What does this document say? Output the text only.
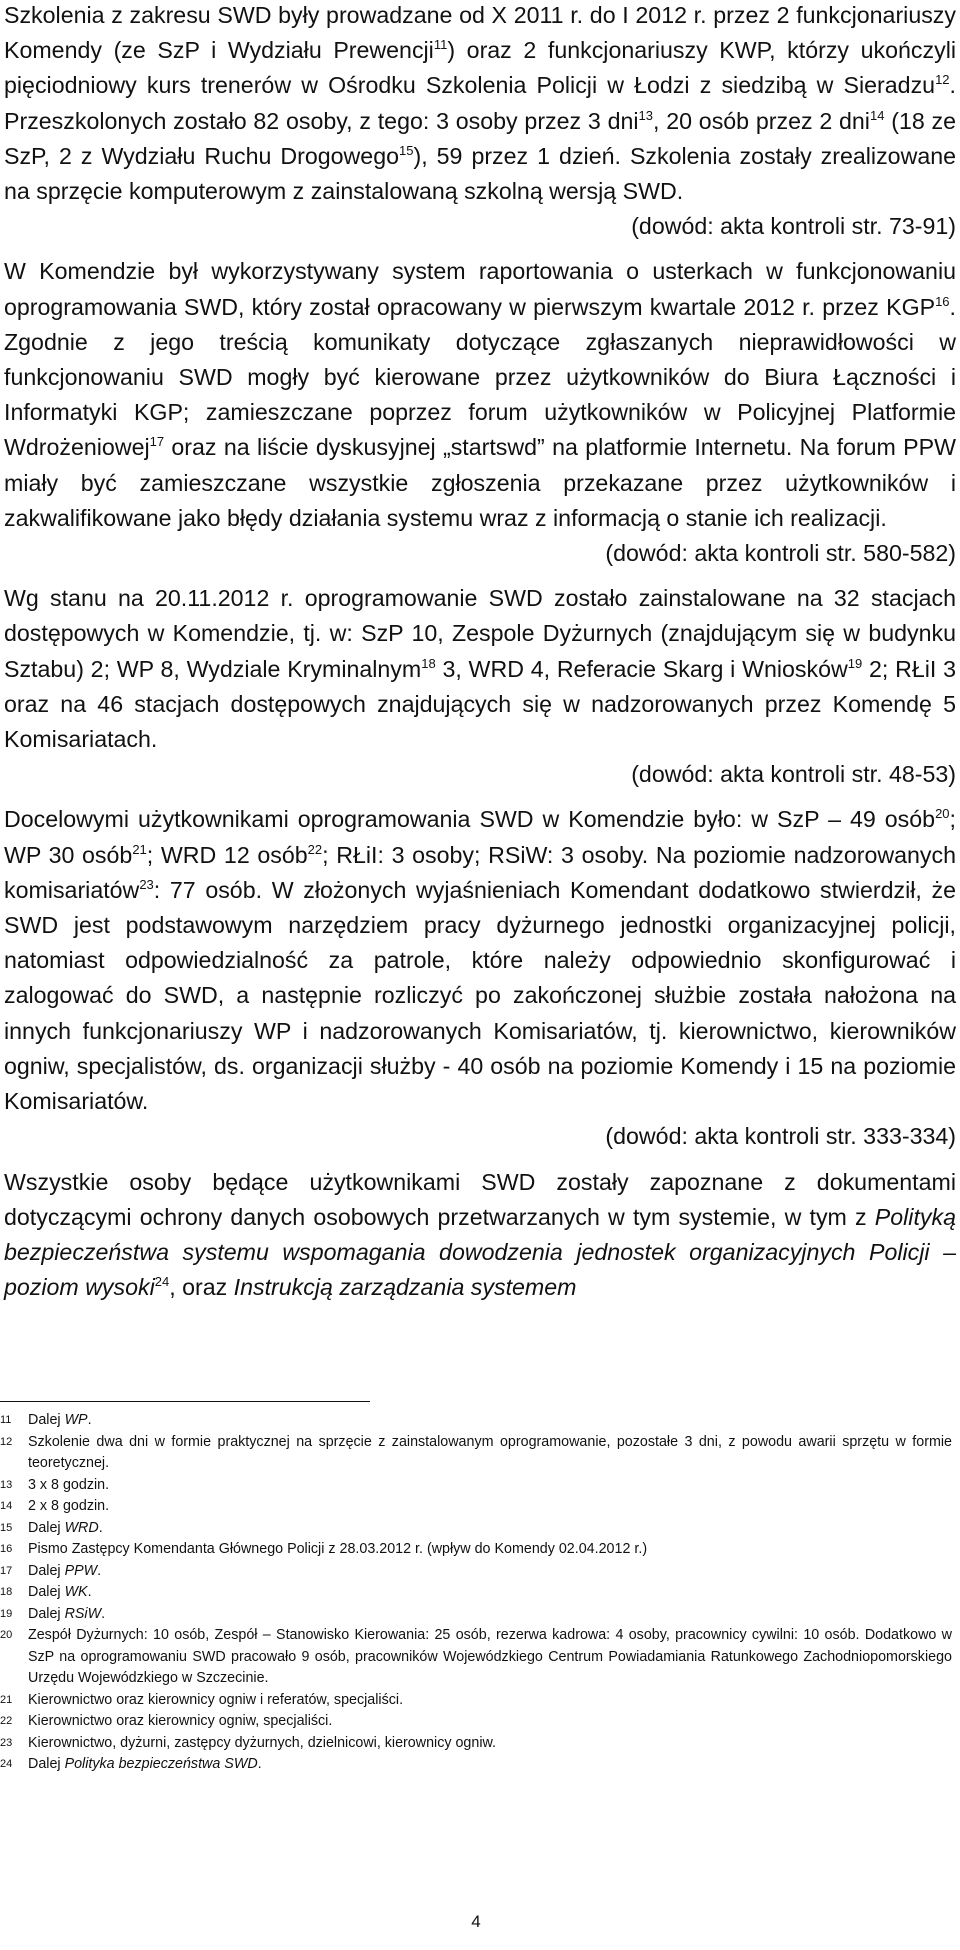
Szkolenia z zakresu SWD były prowadzane od X 2011 r. do I 2012 r. przez 2 funkcjonariuszy Komendy (ze SzP i Wydziału Prewencji$^{11}$) oraz 2 funkcjonariuszy KWP, którzy ukończyli pięciodniowy kurs trenerów w Ośrodku Szkolenia Policji w Łodzi z siedzibą w Sieradzu$^{12}$. Przeszkolonych zostało 82 osoby, z tego: 3 osoby przez 3 dni$^{13}$, 20 osób przez 2 dni$^{14}$ (18 ze SzP, 2 z Wydziału Ruchu Drogowego$^{15}$), 59 przez 1 dzień. Szkolenia zostały zrealizowane na sprzęcie komputerowym z zainstalowaną szkolną wersją SWD.

(dowód: akta kontroli str. 73-91)

W Komendzie był wykorzystywany system raportowania o usterkach w funkcjonowaniu oprogramowania SWD, który został opracowany w pierwszym kwartale 2012 r. przez KGP$^{16}$. Zgodnie z jego treścią komunikaty dotyczące zgłaszanych nieprawidłowości w funkcjonowaniu SWD mogły być kierowane przez użytkowników do Biura Łączności i Informatyki KGP; zamieszczane poprzez forum użytkowników w Policyjnej Platformie Wdrożeniowej$^{17}$ oraz na liście dyskusyjnej „startswd” na platformie Internetu. Na forum PPW miały być zamieszczane wszystkie zgłoszenia przekazane przez użytkowników i zakwalifikowane jako błędy działania systemu wraz z informacją o stanie ich realizacji.

(dowód: akta kontroli str. 580-582)

Wg stanu na 20.11.2012 r. oprogramowanie SWD zostało zainstalowane na 32 stacjach dostępowych w Komendzie, tj. w: SzP 10, Zespole Dyżurnych (znajdującym się w budynku Sztabu) 2; WP 8, Wydziale Kryminalnym$^{18}$ 3, WRD 4, Referacie Skarg i Wniosków$^{19}$ 2; RŁiI 3 oraz na 46 stacjach dostępowych znajdujących się w nadzorowanych przez Komendę 5 Komisariatach.

(dowód: akta kontroli str. 48-53)

Docelowymi użytkownikami oprogramowania SWD w Komendzie było: w SzP – 49 osób$^{20}$; WP 30 osób$^{21}$; WRD 12 osób$^{22}$; RŁiI: 3 osoby; RSiW: 3 osoby. Na poziomie nadzorowanych komisariatów$^{23}$: 77 osób. W złożonych wyjaśnieniach Komendant dodatkowo stwierdził, że SWD jest podstawowym narzędziem pracy dyżurnego jednostki organizacyjnej policji, natomiast odpowiedzialność za patrole, które należy odpowiednio skonfigurować i zalogować do SWD, a następnie rozliczyć po zakończonej służbie została nałożona na innych funkcjonariuszy WP i nadzorowanych Komisariatów, tj. kierownictwo, kierowników ogniw, specjalistów, ds. organizacji służby - 40 osób na poziomie Komendy i 15 na poziomie Komisariatów.

(dowód: akta kontroli str. 333-334)

Wszystkie osoby będące użytkownikami SWD zostały zapoznane z dokumentami dotyczącymi ochrony danych osobowych przetwarzanych w tym systemie, w tym z Polityką bezpieczeństwa systemu wspomagania dowodzenia jednostek organizacyjnych Policji – poziom wysoki$^{24}$, oraz Instrukcją zarządzania systemem

11	Dalej WP.
12	Szkolenie dwa dni w formie praktycznej na sprzęcie z zainstalowanym oprogramowanie, pozostałe 3 dni, z powodu awarii sprzętu w formie teoretycznej.
13	3 x 8 godzin.
14	2 x 8 godzin.
15	Dalej WRD.
16	Pismo Zastępcy Komendanta Głównego Policji z 28.03.2012 r. (wpływ do Komendy 02.04.2012 r.)
17	Dalej PPW.
18	Dalej WK.
19	Dalej RSiW.
20	Zespół Dyżurnych: 10 osób, Zespół – Stanowisko Kierowania: 25 osób, rezerwa kadrowa: 4 osoby, pracownicy cywilni: 10 osób. Dodatkowo w SzP na oprogramowaniu SWD pracowało 9 osób, pracowników Wojewódzkiego Centrum Powiadamiania Ratunkowego Zachodniopomorskiego Urzędu Wojewódzkiego w Szczecinie.
21	Kierownictwo oraz kierownicy ogniw i referatów, specjaliści.
22	Kierownictwo oraz kierownicy ogniw, specjaliści.
23	Kierownictwo, dyżurni, zastępcy dyżurnych, dzielnicowi, kierownicy ogniw.
24	Dalej Polityka bezpieczeństwa SWD.
4
